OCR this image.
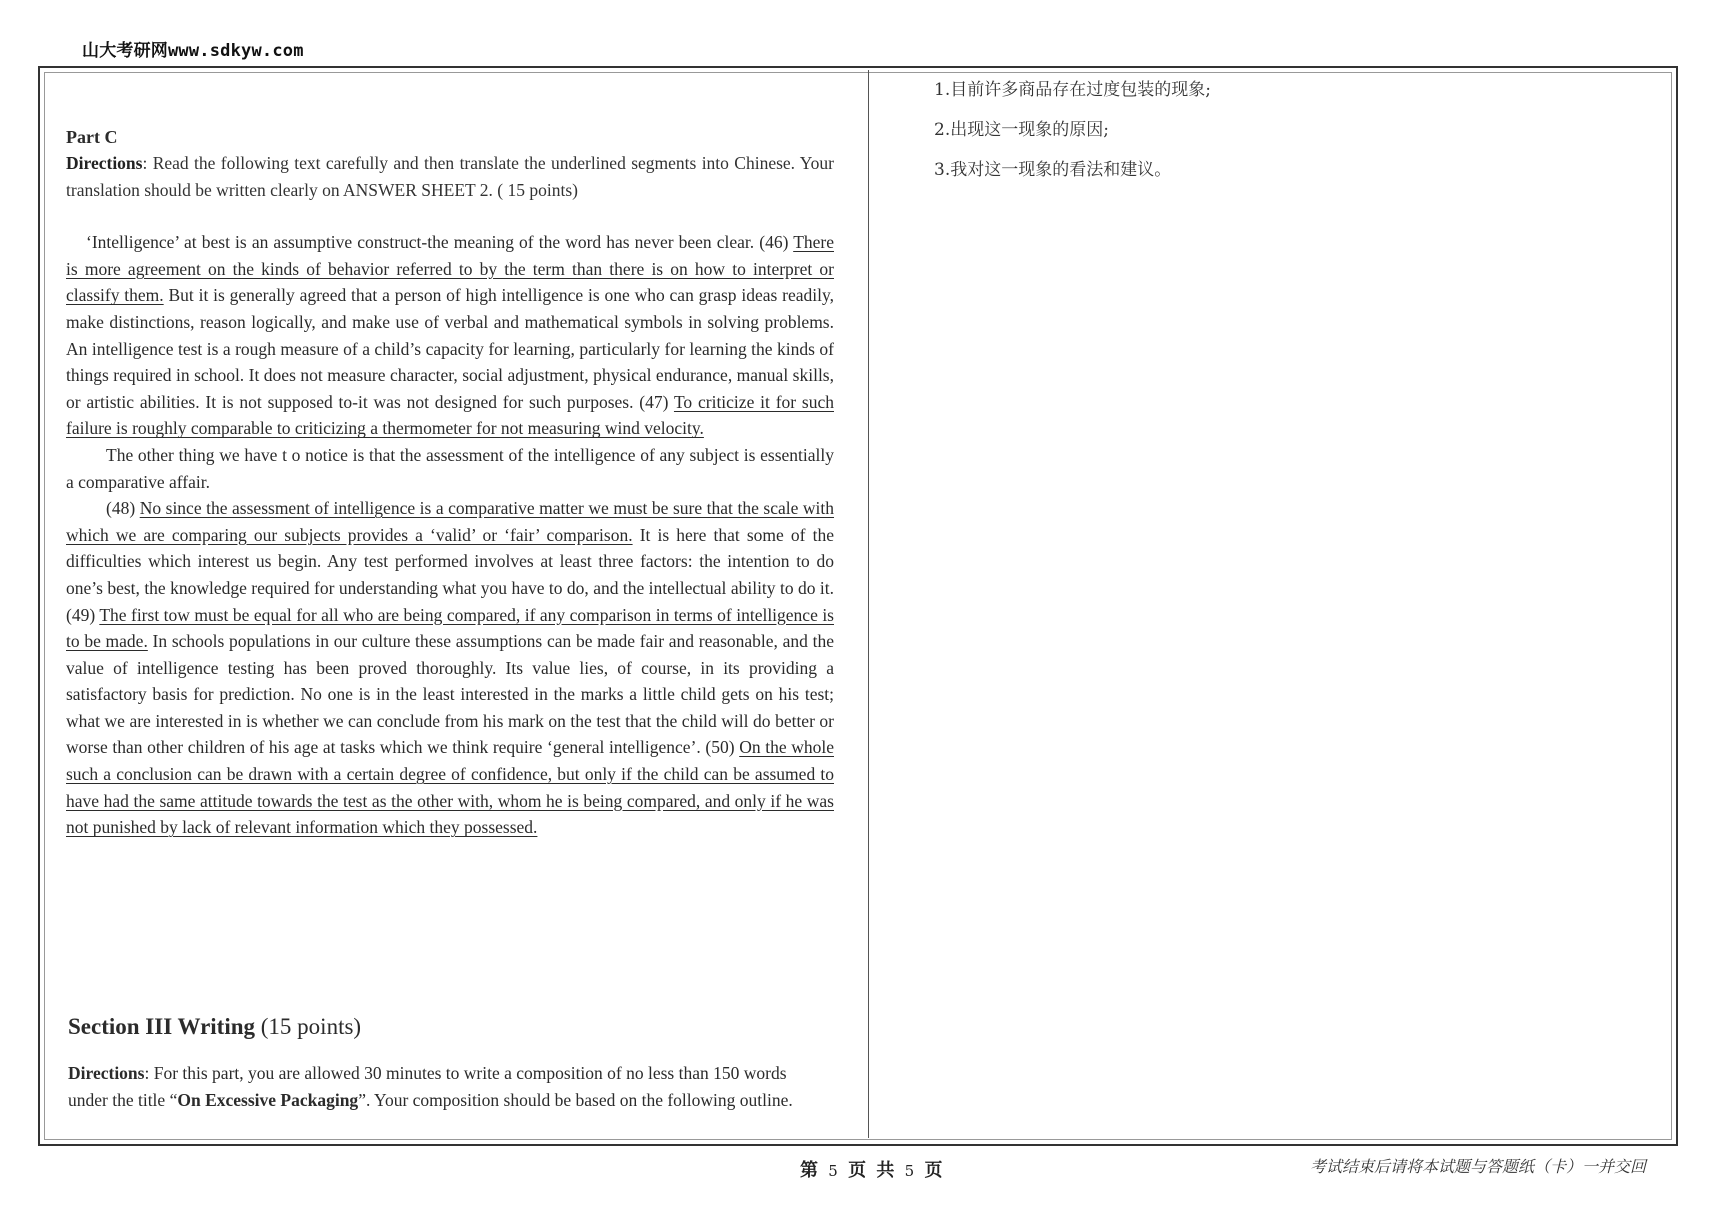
山大考研网www.sdkyw.com

Part C

Directions: Read the following text carefully and then translate the underlined segments into Chinese. Your translation should be written clearly on ANSWER SHEET 2. ( 15 points)

‘Intelligence’ at best is an assumptive construct-the meaning of the word has never been clear. (46) There is more agreement on the kinds of behavior referred to by the term than there is on how to interpret or classify them. But it is generally agreed that a person of high intelligence is one who can grasp ideas readily, make distinctions, reason logically, and make use of verbal and mathematical symbols in solving problems. An intelligence test is a rough measure of a child’s capacity for learning, particularly for learning the kinds of things required in school. It does not measure character, social adjustment, physical endurance, manual skills, or artistic abilities. It is not supposed to-it was not designed for such purposes. (47) To criticize it for such failure is roughly comparable to criticizing a thermometer for not measuring wind velocity.

The other thing we have t o notice is that the assessment of the intelligence of any subject is essentially a comparative affair.

(48) No since the assessment of intelligence is a comparative matter we must be sure that the scale with which we are comparing our subjects provides a ‘valid’ or ‘fair’ comparison. It is here that some of the difficulties which interest us begin. Any test performed involves at least three factors: the intention to do one’s best, the knowledge required for understanding what you have to do, and the intellectual ability to do it. (49) The first tow must be equal for all who are being compared, if any comparison in terms of intelligence is to be made. In schools populations in our culture these assumptions can be made fair and reasonable, and the value of intelligence testing has been proved thoroughly. Its value lies, of course, in its providing a satisfactory basis for prediction. No one is in the least interested in the marks a little child gets on his test; what we are interested in is whether we can conclude from his mark on the test that the child will do better or worse than other children of his age at tasks which we think require ‘general intelligence’. (50) On the whole such a conclusion can be drawn with a certain degree of confidence, but only if the child can be assumed to have had the same attitude towards the test as the other with, whom he is being compared, and only if he was not punished by lack of relevant information which they possessed.

Section III Writing (15 points)
Directions: For this part, you are allowed 30 minutes to write a composition of no less than 150 words under the title “On Excessive Packaging”. Your composition should be based on the following outline.
1.目前许多商品存在过度包装的现象;
2.出现这一现象的原因;
3.我对这一现象的看法和建议。
第 5 页 共 5 页	考试结束后请将本试题与答题纸（卡）一并交回
